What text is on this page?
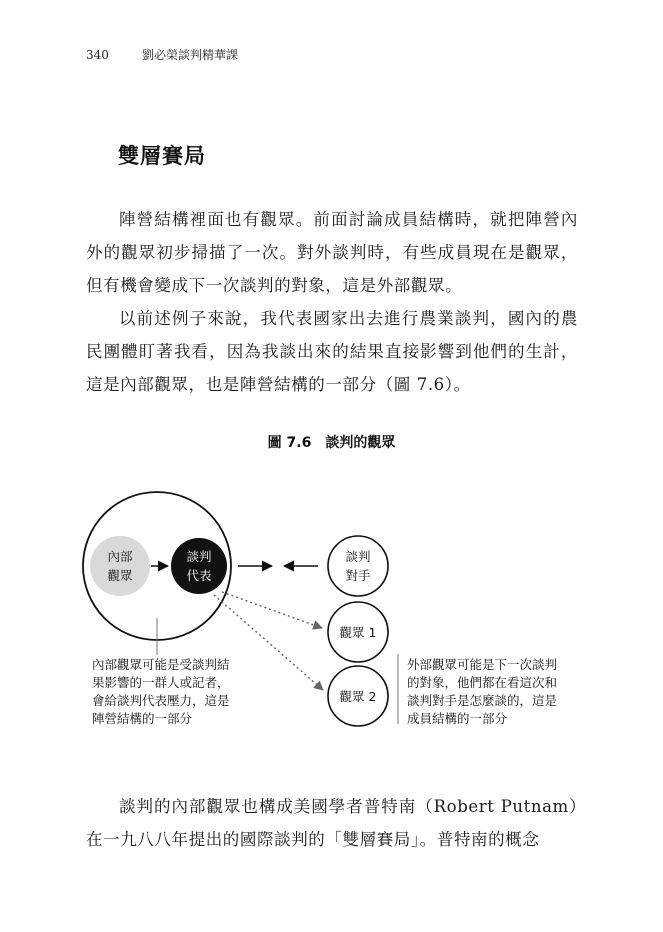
340	劉必榮談判精華課
雙層賽局

陣營結構裡面也有觀眾。前面討論成員結構時，就把陣營內外的觀眾初步掃描了一次。對外談判時，有些成員現在是觀眾，但有機會變成下一次談判的對象，這是外部觀眾。

以前述例子來說，我代表國家出去進行農業談判，國內的農民團體盯著我看，因為我談出來的結果直接影響到他們的生計，這是內部觀眾，也是陣營結構的一部分（圖 7.6）。

圖 7.6 談判的觀眾
內部
觀眾
談判
代表
談判
對手
觀眾 1
觀眾 2
內部觀眾可能是受談判結
果影響的一群人或記者，
會給談判代表壓力，這是
陣營結構的一部分
外部觀眾可能是下一次談判
的對象，他們都在看這次和
談判對手是怎麼談的，這是
成員結構的一部分

談判的內部觀眾也構成美國學者普特南（Robert Putnam）在一九八八年提出的國際談判的「雙層賽局」。普特南的概念
